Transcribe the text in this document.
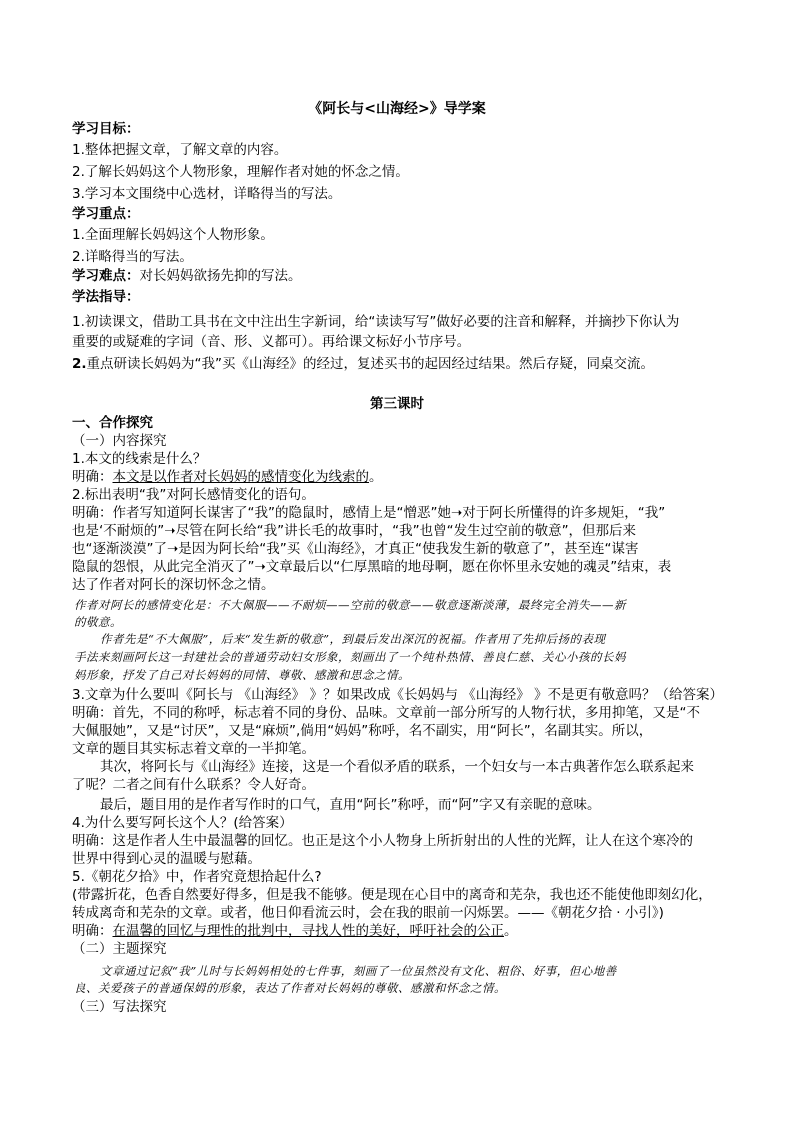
《阿长与<山海经>》导学案
学习目标：
1.整体把握文章，了解文章的内容。
2.了解长妈妈这个人物形象，理解作者对她的怀念之情。
3.学习本文围绕中心选材，详略得当的写法。
学习重点：
1.全面理解长妈妈这个人物形象。
2.详略得当的写法。
学习难点：对长妈妈欲扬先抑的写法。
学法指导：
1.初读课文，借助工具书在文中注出生字新词，给“读读写写”做好必要的注音和解释，并摘抄下你认为
重要的或疑难的字词（音、形、义都可）。再给课文标好小节序号。
2.重点研读长妈妈为“我”买《山海经》的经过，复述买书的起因经过结果。然后存疑，同桌交流。
第三课时
一、合作探究
（一）内容探究
1.本文的线索是什么？
明确：本文是以作者对长妈妈的感情变化为线索的。
2.标出表明“我”对阿长感情变化的语句。
明确：作者写知道阿长谋害了“我”的隐鼠时，感情上是“憎恶”她➝对于阿长所懂得的许多规矩，“我”
也是‘不耐烦的”➝尽管在阿长给“我”讲长毛的故事时，“我”也曾“发生过空前的敬意”，但那后来
也“逐渐淡漠”了➝是因为阿长给“我”买《山海经》，才真正“使我发生新的敬意了”，甚至连“谋害
隐鼠的怨恨，从此完全消灭了”➝文章最后以“仁厚黑暗的地母啊，愿在你怀里永安她的魂灵”结束，表
达了作者对阿长的深切怀念之情。
作者对阿长的感情变化是：不大佩服——不耐烦——空前的敬意——敬意逐渐淡薄，最终完全消失——新
的敬意。
作者先是“不大佩服”，后来“发生新的敬意”，到最后发出深沉的祝福。作者用了先抑后扬的表现
手法来刻画阿长这一封建社会的普通劳动妇女形象，刻画出了一个纯朴热情、善良仁慈、关心小孩的长妈
妈形象，抒发了自己对长妈妈的同情、尊敬、感激和思念之情。
3.文章为什么要叫《阿长与 《山海经》 》？如果改成《长妈妈与 《山海经》 》不是更有敬意吗？（给答案）
明确：首先，不同的称呼，标志着不同的身份、品味。文章前一部分所写的人物行状，多用抑笔，又是“不
大佩服她”，又是“讨厌”，又是“麻烦”,倘用“妈妈”称呼，名不副实，用“阿长”，名副其实。所以，
文章的题目其实标志着文章的一半抑笔。
其次，将阿长与《山海经》连接，这是一个看似矛盾的联系，一个妇女与一本古典著作怎么联系起来
了呢？二者之间有什么联系？令人好奇。
最后，题目用的是作者写作时的口气，直用“阿长”称呼，而“阿”字又有亲昵的意味。
4.为什么要写阿长这个人？(给答案）
明确：这是作者人生中最温馨的回忆。也正是这个小人物身上所折射出的人性的光辉，让人在这个寒冷的
世界中得到心灵的温暖与慰藉。
5.《朝花夕拾》中，作者究竟想拾起什么?
(带露折花，色香自然要好得多，但是我不能够。便是现在心目中的离奇和芜杂，我也还不能使他即刻幻化，
转成离奇和芜杂的文章。或者，他日仰看流云时，会在我的眼前一闪烁罢。——《朝花夕拾 · 小引》)
明确：在温馨的回忆与理性的批判中，寻找人性的美好，呼吁社会的公正。
（二）主题探究
文章通过记叙“我”儿时与长妈妈相处的七件事，刻画了一位虽然没有文化、粗俗、好事，但心地善
良、关爱孩子的普通保姆的形象，表达了作者对长妈妈的尊敬、感激和怀念之情。
（三）写法探究
